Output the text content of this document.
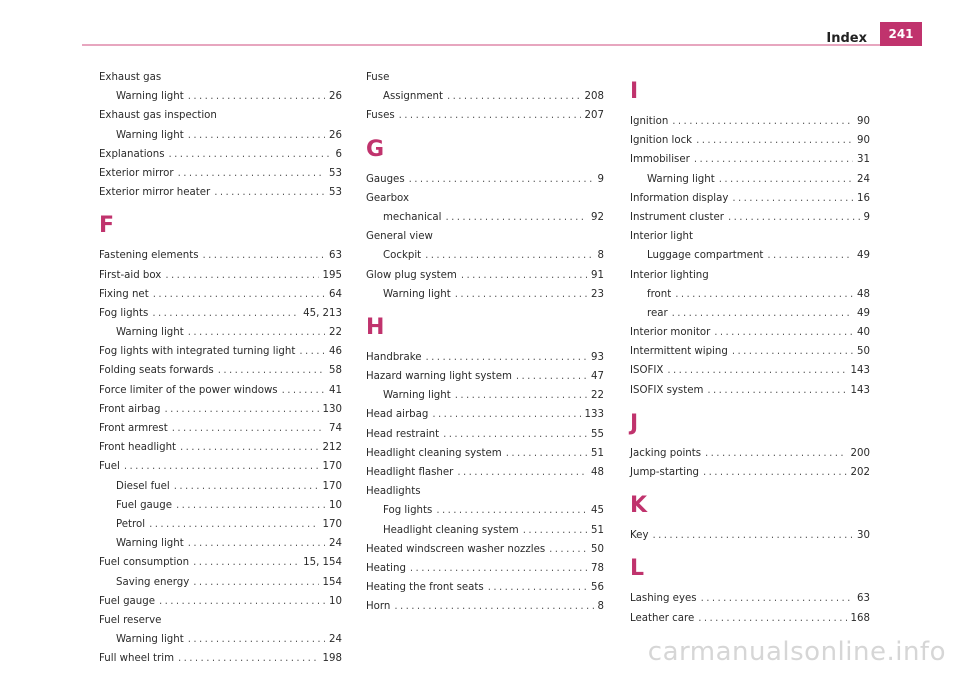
Index	241
Exhaust gas
Warning light .....	26
Exhaust gas inspection
Warning light .....	26
Explanations .....	6
Exterior mirror .....	53
Exterior mirror heater .....	53
F
Fastening elements .....	63
First-aid box .....	195
Fixing net .....	64
Fog lights .....	45, 213
Warning light .....	22
Fog lights with integrated turning light .....	46
Folding seats forwards .....	58
Force limiter of the power windows .....	41
Front airbag .....	130
Front armrest .....	74
Front headlight .....	212
Fuel .....	170
Diesel fuel .....	170
Fuel gauge .....	10
Petrol .....	170
Warning light .....	24
Fuel consumption .....	15, 154
Saving energy .....	154
Fuel gauge .....	10
Fuel reserve
Warning light .....	24
Full wheel trim .....	198
Fuse
Assignment .....	208
Fuses .....	207
G
Gauges .....	9
Gearbox
mechanical .....	92
General view
Cockpit .....	8
Glow plug system .....	91
Warning light .....	23
H
Handbrake .....	93
Hazard warning light system .....	47
Warning light .....	22
Head airbag .....	133
Head restraint .....	55
Headlight cleaning system .....	51
Headlight flasher .....	48
Headlights
Fog lights .....	45
Headlight cleaning system .....	51
Heated windscreen washer nozzles .....	50
Heating .....	78
Heating the front seats .....	56
Horn .....	8
I
Ignition .....	90
Ignition lock .....	90
Immobiliser .....	31
Warning light .....	24
Information display .....	16
Instrument cluster .....	9
Interior light
Luggage compartment .....	49
Interior lighting
front .....	48
rear .....	49
Interior monitor .....	40
Intermittent wiping .....	50
ISOFIX .....	143
ISOFIX system .....	143
J
Jacking points .....	200
Jump-starting .....	202
K
Key .....	30
L
Lashing eyes .....	63
Leather care .....	168
carmanualsonline.info
